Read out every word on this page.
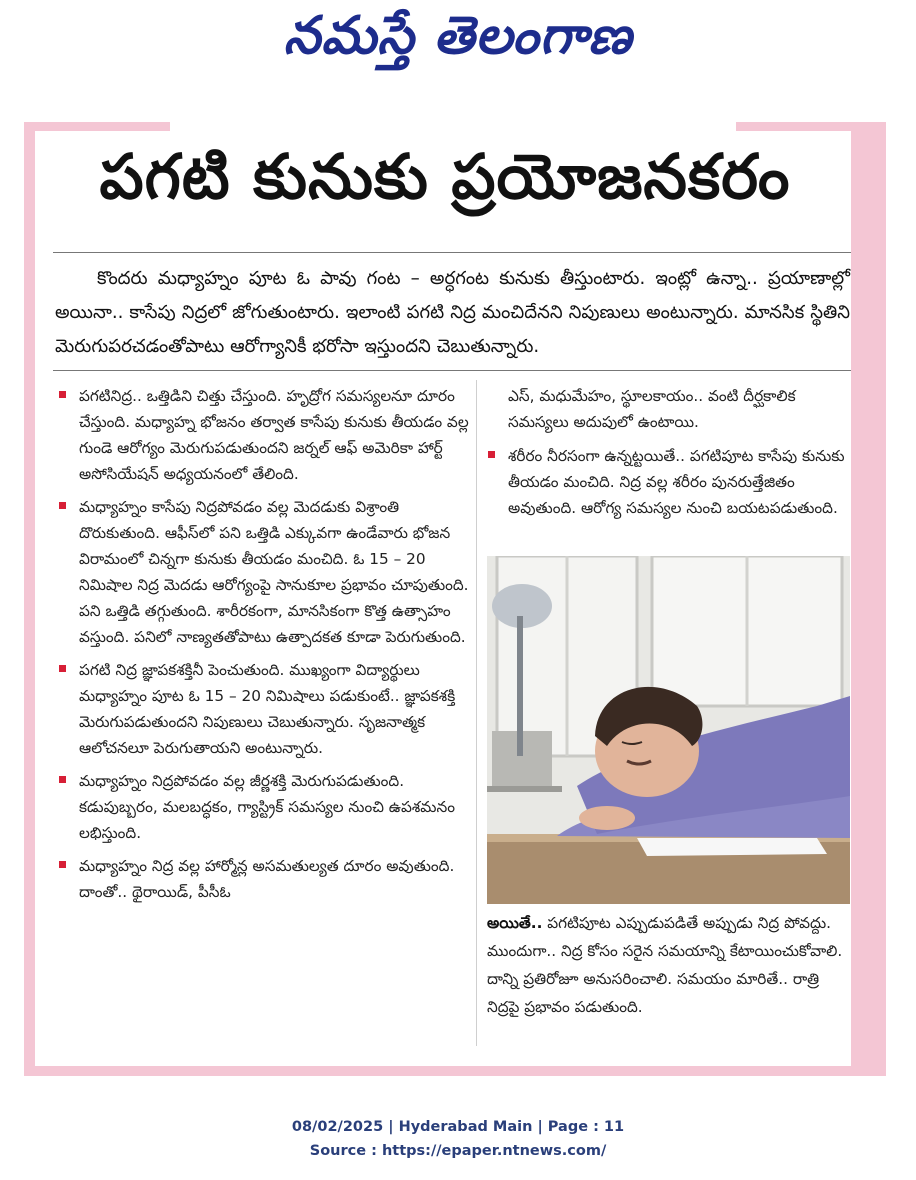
నమస్తే తెలంగాణ
పగటి కునుకు ప్రయోజనకరం
కొందరు మధ్యాహ్నం పూట ఓ పావు గంట – అర్ధగంట కునుకు తీస్తుంటారు. ఇంట్లో ఉన్నా.. ప్రయాణాల్లో అయినా.. కాసేపు నిద్రలో జోగుతుంటారు. ఇలాంటి పగటి నిద్ర మంచిదేనని నిపుణులు అంటున్నారు. మానసిక స్థితిని మెరుగుపరచడంతోపాటు ఆరోగ్యానికీ భరోసా ఇస్తుందని చెబుతున్నారు.
పగటినిద్ర.. ఒత్తిడిని చిత్తు చేస్తుంది. హృద్రోగ సమస్యలనూ దూరం చేస్తుంది. మధ్యాహ్న భోజనం తర్వాత కాసేపు కునుకు తీయడం వల్ల గుండె ఆరోగ్యం మెరుగుపడుతుందని జర్నల్ ఆఫ్ అమెరికా హార్ట్ అసోసియేషన్ అధ్యయనంలో తేలింది.
మధ్యాహ్నం కాసేపు నిద్రపోవడం వల్ల మెదడుకు విశ్రాంతి దొరుకుతుంది. ఆఫీస్‌లో పని ఒత్తిడి ఎక్కువగా ఉండేవారు భోజన విరామంలో చిన్నగా కునుకు తీయడం మంచిది. ఓ 15 – 20 నిమిషాల నిద్ర మెదడు ఆరోగ్యంపై సానుకూల ప్రభావం చూపుతుంది. పని ఒత్తిడి తగ్గుతుంది. శారీరకంగా, మానసికంగా కొత్త ఉత్సాహం వస్తుంది. పనిలో నాణ్యతతోపాటు ఉత్పాదకత కూడా పెరుగుతుంది.
పగటి నిద్ర జ్ఞాపకశక్తినీ పెంచుతుంది. ముఖ్యంగా విద్యార్థులు మధ్యాహ్నం పూట ఓ 15 – 20 నిమిషాలు పడుకుంటే.. జ్ఞాపకశక్తి మెరుగుపడుతుందని నిపుణులు చెబుతున్నారు. సృజనాత్మక ఆలోచనలూ పెరుగుతాయని అంటున్నారు.
మధ్యాహ్నం నిద్రపోవడం వల్ల జీర్ణశక్తి మెరుగుపడుతుంది. కడుపుబ్బరం, మలబద్ధకం, గ్యాస్ట్రిక్ సమస్యల నుంచి ఉపశమనం లభిస్తుంది.
మధ్యాహ్నం నిద్ర వల్ల హార్మోన్ల అసమతుల్యత దూరం అవుతుంది. దాంతో.. థైరాయిడ్, పీసీఓ
ఎస్, మధుమేహం, స్థూలకాయం.. వంటి దీర్ఘకాలిక సమస్యలు అదుపులో ఉంటాయి.
శరీరం నీరసంగా ఉన్నట్టయితే.. పగటిపూట కాసేపు కునుకు తీయడం మంచిది. నిద్ర వల్ల శరీరం పునరుత్తేజితం అవుతుంది. ఆరోగ్య సమస్యల నుంచి బయటపడుతుంది.
అయితే.. పగటిపూట ఎప్పుడుపడితే అప్పుడు నిద్ర పోవద్దు. ముందుగా.. నిద్ర కోసం సరైన సమయాన్ని కేటాయించుకోవాలి. దాన్ని ప్రతిరోజూ అనుసరించాలి. సమయం మారితే.. రాత్రి నిద్రపై ప్రభావం పడుతుంది.
08/02/2025 | Hyderabad Main | Page : 11
Source : https://epaper.ntnews.com/
